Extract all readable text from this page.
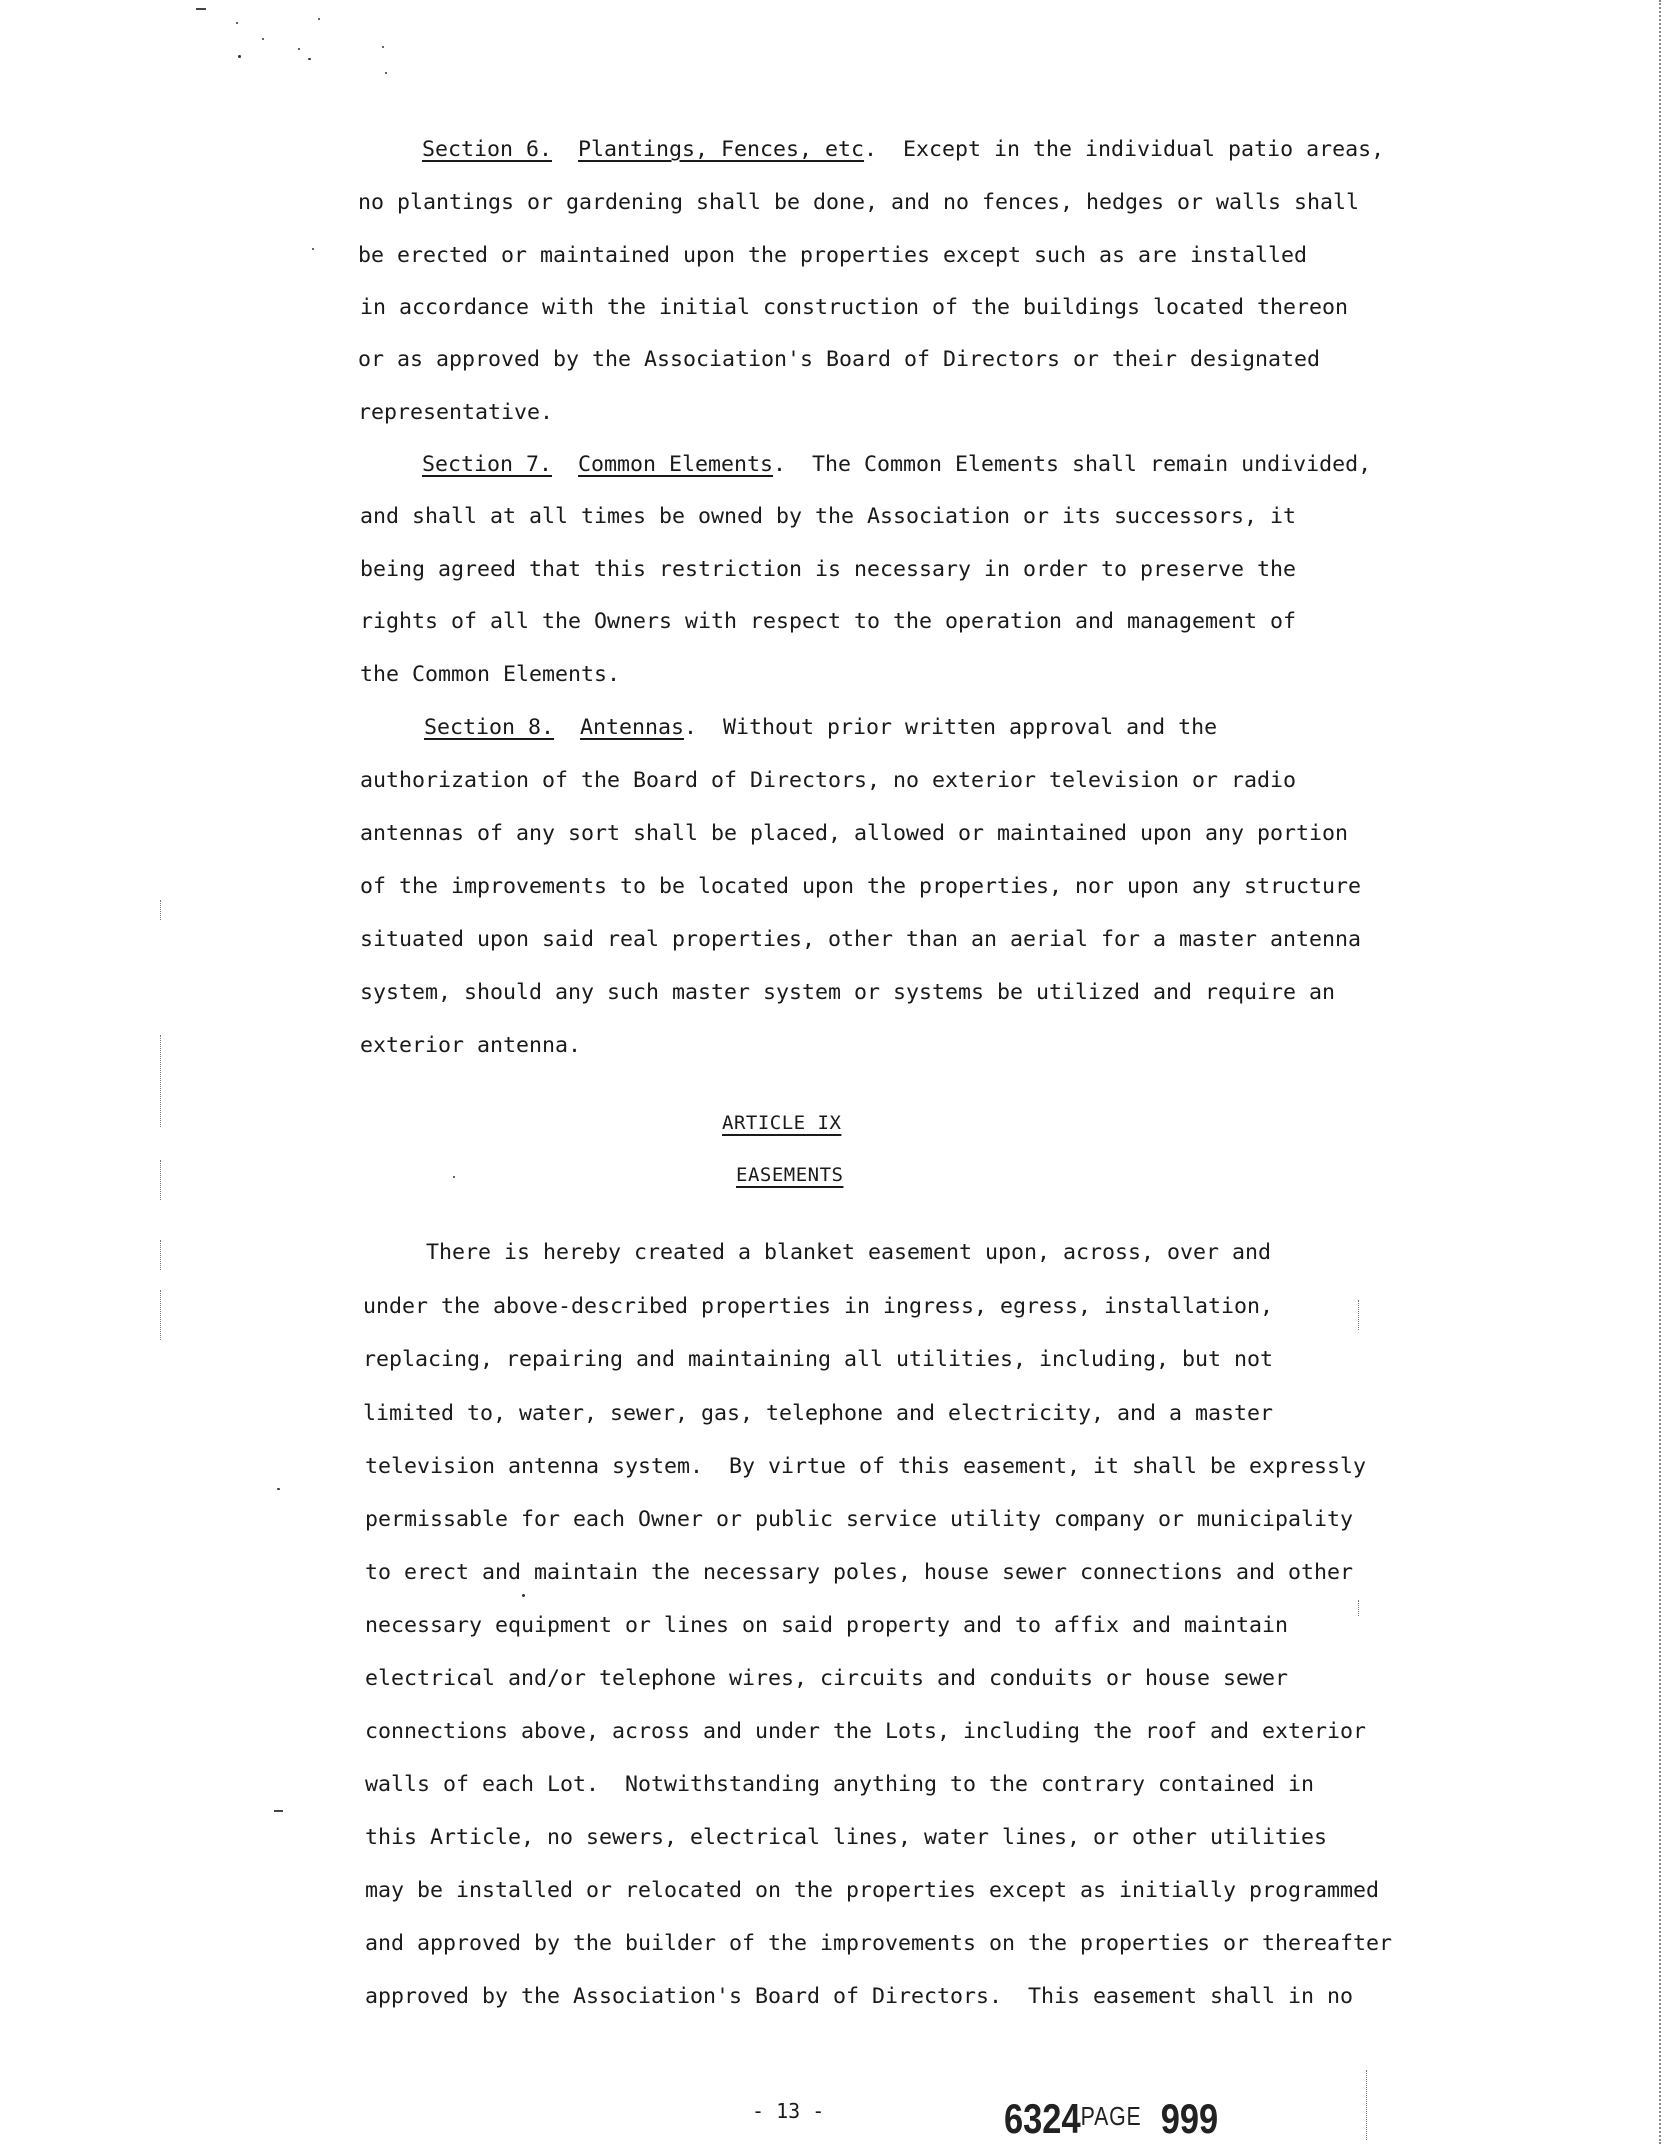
Section 6. Plantings, Fences, etc.  Except in the individual patio areas,
no plantings or gardening shall be done, and no fences, hedges or walls shall
be erected or maintained upon the properties except such as are installed
in accordance with the initial construction of the buildings located thereon
or as approved by the Association's Board of Directors or their designated
representative.
Section 7. Common Elements.  The Common Elements shall remain undivided,
and shall at all times be owned by the Association or its successors, it
being agreed that this restriction is necessary in order to preserve the
rights of all the Owners with respect to the operation and management of
the Common Elements.
Section 8. Antennas.  Without prior written approval and the
authorization of the Board of Directors, no exterior television or radio
antennas of any sort shall be placed, allowed or maintained upon any portion
of the improvements to be located upon the properties, nor upon any structure
situated upon said real properties, other than an aerial for a master antenna
system, should any such master system or systems be utilized and require an
exterior antenna.
ARTICLE IX
EASEMENTS
There is hereby created a blanket easement upon, across, over and
under the above-described properties in ingress, egress, installation,
replacing, repairing and maintaining all utilities, including, but not
limited to, water, sewer, gas, telephone and electricity, and a master
television antenna system.  By virtue of this easement, it shall be expressly
permissable for each Owner or public service utility company or municipality
to erect and maintain the necessary poles, house sewer connections and other
necessary equipment or lines on said property and to affix and maintain
electrical and/or telephone wires, circuits and conduits or house sewer
connections above, across and under the Lots, including the roof and exterior
walls of each Lot.  Notwithstanding anything to the contrary contained in
this Article, no sewers, electrical lines, water lines, or other utilities
may be installed or relocated on the properties except as initially programmed
and approved by the builder of the improvements on the properties or thereafter
approved by the Association's Board of Directors.  This easement shall in no
- 13 -	6324PAGE 999
